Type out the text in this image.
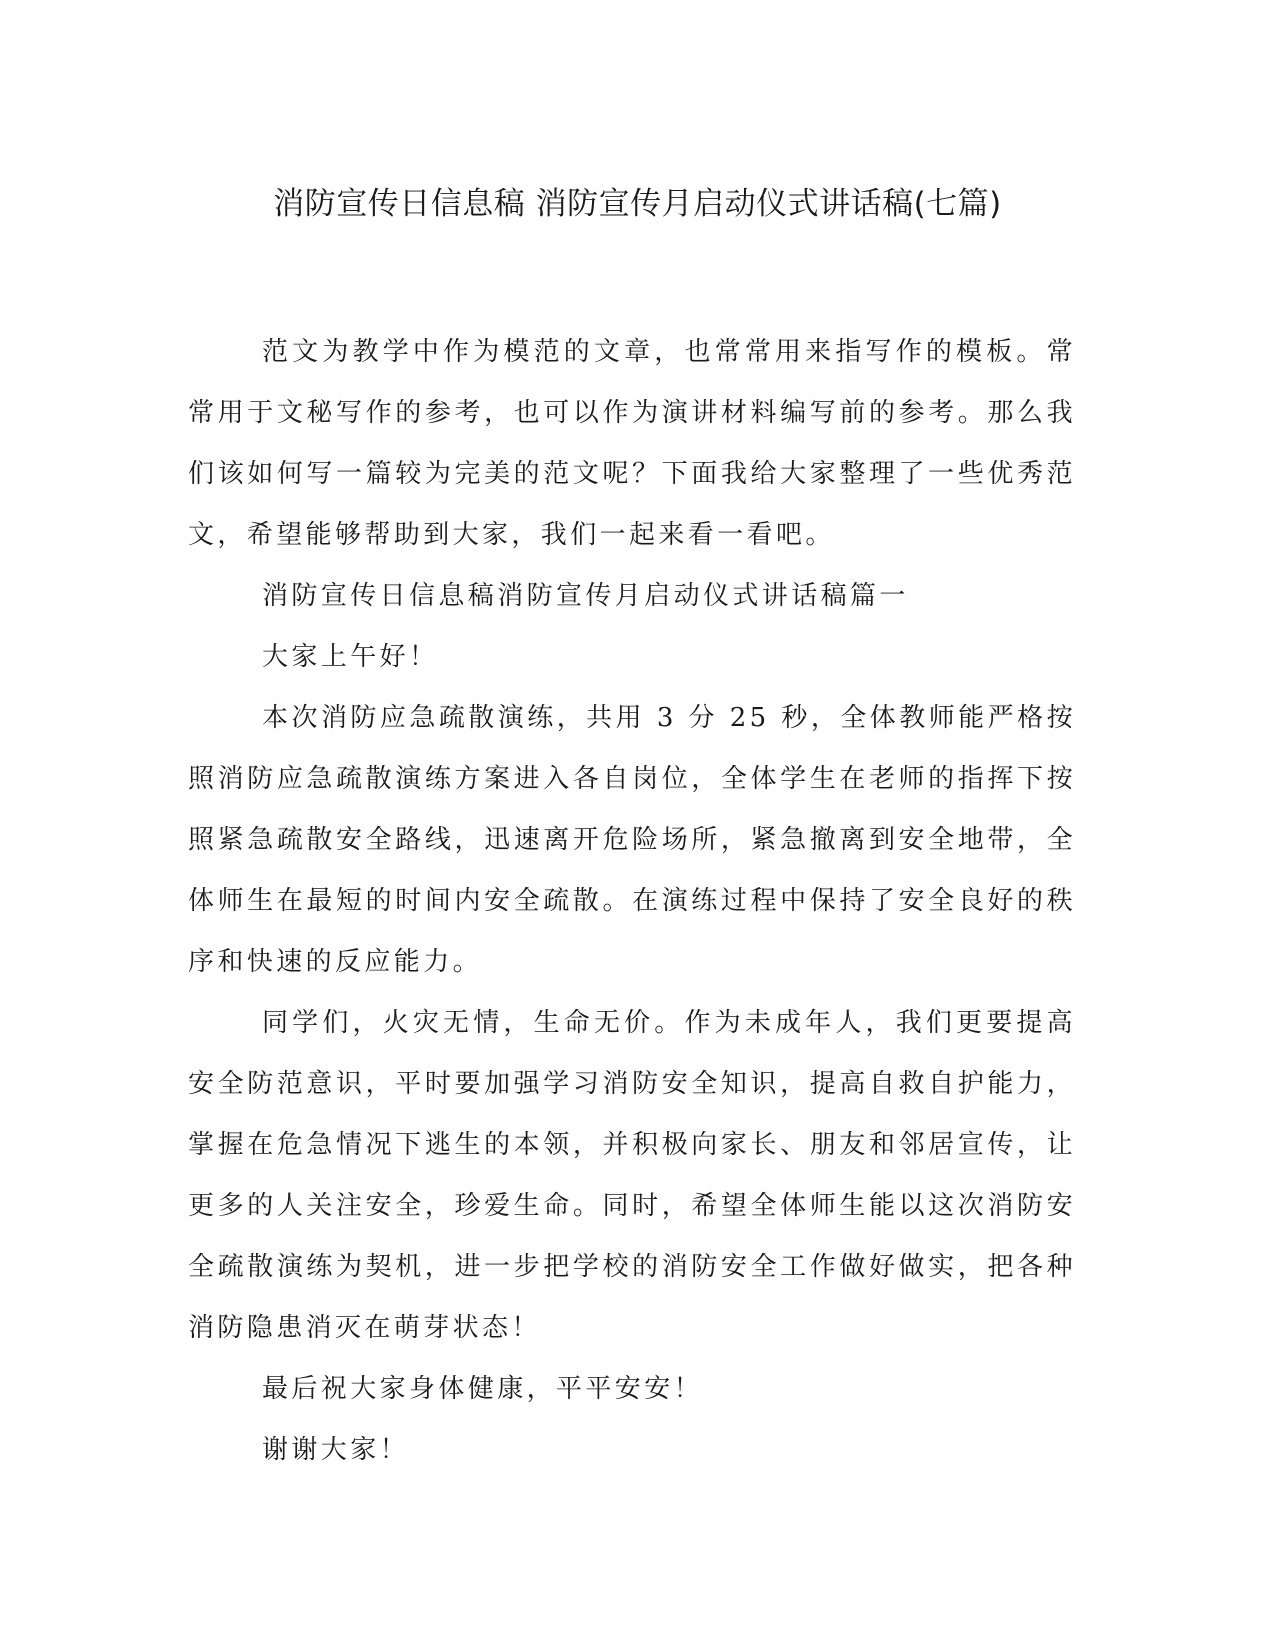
消防宣传日信息稿 消防宣传月启动仪式讲话稿(七篇)

范文为教学中作为模范的文章，也常常用来指写作的模板。常常用于文秘写作的参考，也可以作为演讲材料编写前的参考。那么我们该如何写一篇较为完美的范文呢？下面我给大家整理了一些优秀范文，希望能够帮助到大家，我们一起来看一看吧。

消防宣传日信息稿消防宣传月启动仪式讲话稿篇一

大家上午好！

本次消防应急疏散演练，共用 3 分 25 秒，全体教师能严格按照消防应急疏散演练方案进入各自岗位，全体学生在老师的指挥下按照紧急疏散安全路线，迅速离开危险场所，紧急撤离到安全地带，全体师生在最短的时间内安全疏散。在演练过程中保持了安全良好的秩序和快速的反应能力。

同学们，火灾无情，生命无价。作为未成年人，我们更要提高安全防范意识，平时要加强学习消防安全知识，提高自救自护能力，掌握在危急情况下逃生的本领，并积极向家长、朋友和邻居宣传，让更多的人关注安全，珍爱生命。同时，希望全体师生能以这次消防安全疏散演练为契机，进一步把学校的消防安全工作做好做实，把各种消防隐患消灭在萌芽状态！

最后祝大家身体健康，平平安安！

谢谢大家！
